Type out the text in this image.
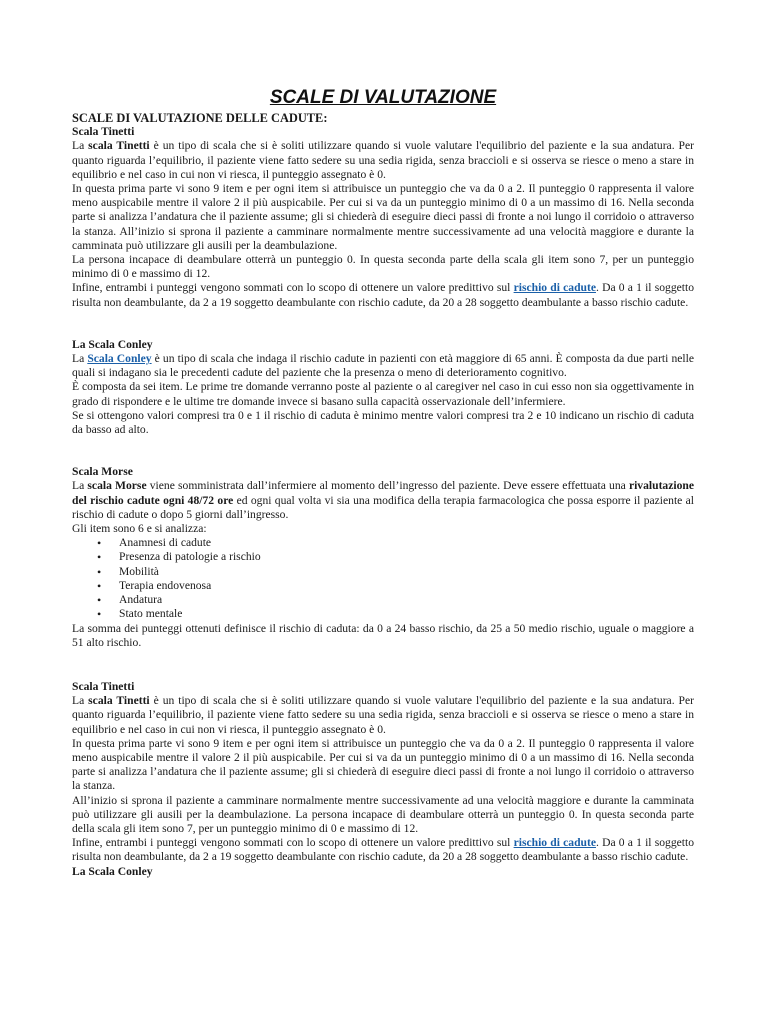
SCALE DI VALUTAZIONE
SCALE DI VALUTAZIONE DELLE CADUTE:
Scala Tinetti

La scala Tinetti è un tipo di scala che si è soliti utilizzare quando si vuole valutare l'equilibrio del paziente e la sua andatura. Per quanto riguarda l’equilibrio, il paziente viene fatto sedere su una sedia rigida, senza braccioli e si osserva se riesce o meno a stare in equilibrio e nel caso in cui non vi riesca, il punteggio assegnato è 0.

In questa prima parte vi sono 9 item e per ogni item si attribuisce un punteggio che va da 0 a 2. Il punteggio 0 rappresenta il valore meno auspicabile mentre il valore 2 il più auspicabile. Per cui si va da un punteggio minimo di 0 a un massimo di 16. Nella seconda parte si analizza l’andatura che il paziente assume; gli si chiederà di eseguire dieci passi di fronte a noi lungo il corridoio o attraverso la stanza. All’inizio si sprona il paziente a camminare normalmente mentre successivamente ad una velocità maggiore e durante la camminata può utilizzare gli ausili per la deambulazione.

La persona incapace di deambulare otterrà un punteggio 0. In questa seconda parte della scala gli item sono 7, per un punteggio minimo di 0 e massimo di 12.

Infine, entrambi i punteggi vengono sommati con lo scopo di ottenere un valore predittivo sul rischio di cadute. Da 0 a 1 il soggetto risulta non deambulante, da 2 a 19 soggetto deambulante con rischio cadute, da 20 a 28 soggetto deambulante a basso rischio cadute.

La Scala Conley

La Scala Conley è un tipo di scala che indaga il rischio cadute in pazienti con età maggiore di 65 anni. È composta da due parti nelle quali si indagano sia le precedenti cadute del paziente che la presenza o meno di deterioramento cognitivo.

È composta da sei item. Le prime tre domande verranno poste al paziente o al caregiver nel caso in cui esso non sia oggettivamente in grado di rispondere e le ultime tre domande invece si basano sulla capacità osservazionale dell’infermiere.

Se si ottengono valori compresi tra 0 e 1 il rischio di caduta è minimo mentre valori compresi tra 2 e 10 indicano un rischio di caduta da basso ad alto.

Scala Morse

La scala Morse viene somministrata dall’infermiere al momento dell’ingresso del paziente. Deve essere effettuata una rivalutazione del rischio cadute ogni 48/72 ore ed ogni qual volta vi sia una modifica della terapia farmacologica che possa esporre il paziente al rischio di cadute o dopo 5 giorni dall’ingresso.

Gli item sono 6 e si analizza:

• Anamnesi di cadute
• Presenza di patologie a rischio
• Mobilità
• Terapia endovenosa
• Andatura
• Stato mentale

La somma dei punteggi ottenuti definisce il rischio di caduta: da 0 a 24 basso rischio, da 25 a 50 medio rischio, uguale o maggiore a 51 alto rischio.

Scala Tinetti

La scala Tinetti è un tipo di scala che si è soliti utilizzare quando si vuole valutare l'equilibrio del paziente e la sua andatura. Per quanto riguarda l’equilibrio, il paziente viene fatto sedere su una sedia rigida, senza braccioli e si osserva se riesce o meno a stare in equilibrio e nel caso in cui non vi riesca, il punteggio assegnato è 0.

In questa prima parte vi sono 9 item e per ogni item si attribuisce un punteggio che va da 0 a 2. Il punteggio 0 rappresenta il valore meno auspicabile mentre il valore 2 il più auspicabile. Per cui si va da un punteggio minimo di 0 a un massimo di 16. Nella seconda parte si analizza l’andatura che il paziente assume; gli si chiederà di eseguire dieci passi di fronte a noi lungo il corridoio o attraverso la stanza.

All’inizio si sprona il paziente a camminare normalmente mentre successivamente ad una velocità maggiore e durante la camminata può utilizzare gli ausili per la deambulazione. La persona incapace di deambulare otterrà un punteggio 0. In questa seconda parte della scala gli item sono 7, per un punteggio minimo di 0 e massimo di 12.

Infine, entrambi i punteggi vengono sommati con lo scopo di ottenere un valore predittivo sul rischio di cadute. Da 0 a 1 il soggetto risulta non deambulante, da 2 a 19 soggetto deambulante con rischio cadute, da 20 a 28 soggetto deambulante a basso rischio cadute.

La Scala Conley
